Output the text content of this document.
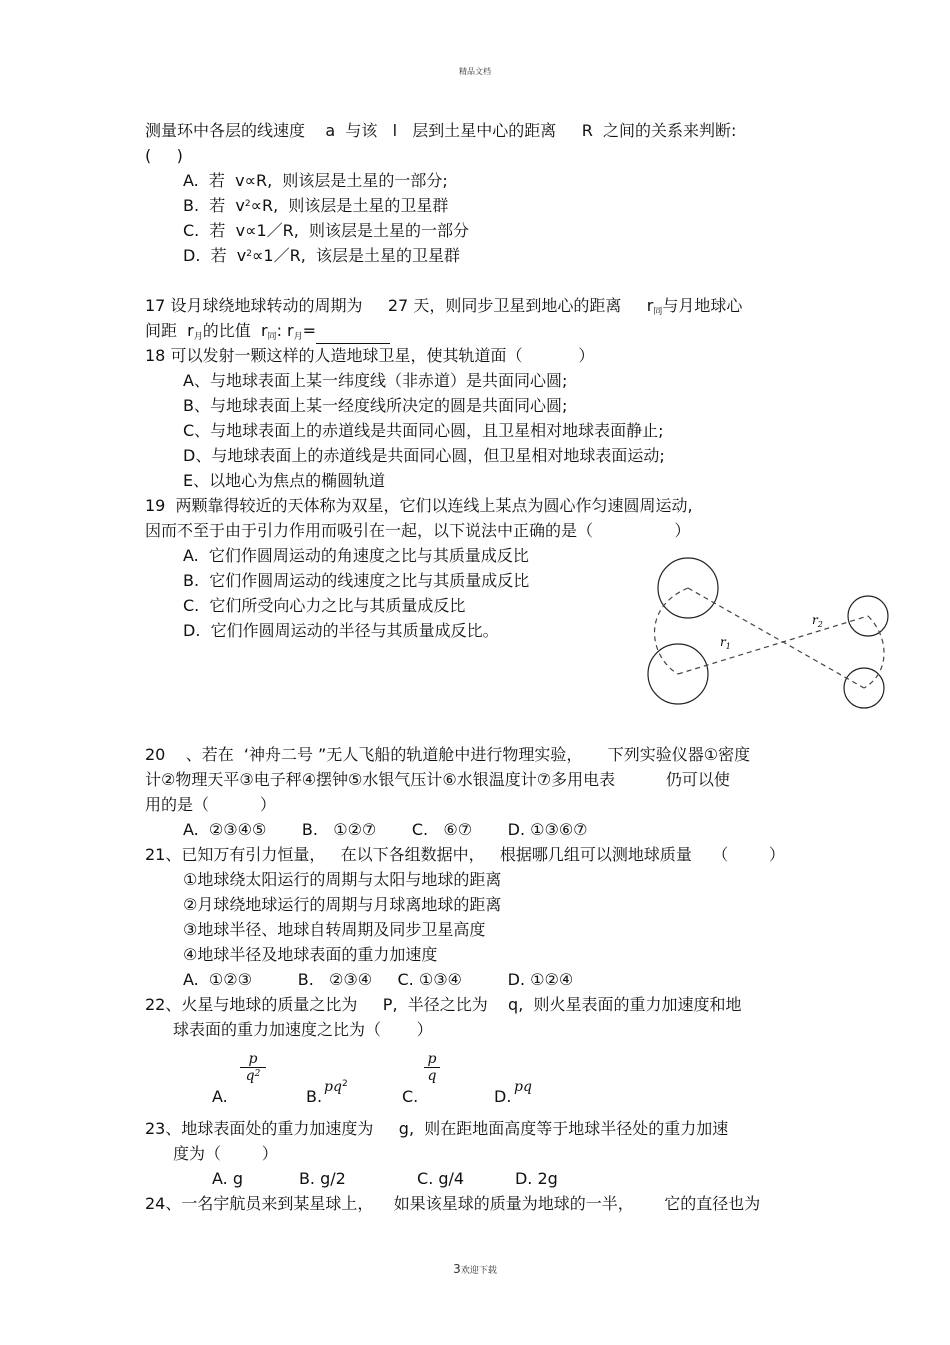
精品文档
测量环中各层的线速度    a  与该   l   层到土星中心的距离     R  之间的关系来判断:
(     )
A.  若  v∝R,  则该层是土星的一部分;
B.  若  $v^2\propto R$,  则该层是土星的卫星群
C.  若  v∝1／R,  则该层是土星的一部分
D.  若  $v^2\propto 1/R$,  该层是土星的卫星群
17 设月球绕地球转动的周期为     27 天，则同步卫星到地心的距离     r同与月地球心
间距  r月的比值  r同: r月=
18 可以发射一颗这样的人造地球卫星，使其轨道面（           ）
A、与地球表面上某一纬度线（非赤道）是共面同心圆;
B、与地球表面上某一经度线所决定的圆是共面同心圆;
C、与地球表面上的赤道线是共面同心圆，且卫星相对地球表面静止;
D、与地球表面上的赤道线是共面同心圆，但卫星相对地球表面运动;
E、以地心为焦点的椭圆轨道
19  两颗靠得较近的天体称为双星，它们以连线上某点为圆心作匀速圆周运动,
因而不至于由于引力作用而吸引在一起，以下说法中正确的是（                ）
A.  它们作圆周运动的角速度之比与其质量成反比
B.  它们作圆周运动的线速度之比与其质量成反比
C.  它们所受向心力之比与其质量成反比
D.  它们作圆周运动的半径与其质量成反比。
$r_1$
$r_2$
20    、若在  ‘神舟二号 ”无人飞船的轨道舱中进行物理实验，     下列实验仪器①密度
计②物理天平③电子秤④摆钟⑤水银气压计⑥水银温度计⑦多用电表          仍可以使
用的是（          ）
A.  ②③④⑤       B.   ①②⑦       C.   ⑥⑦       D. ①③⑥⑦
21、已知万有引力恒量，   在以下各组数据中，   根据哪几组可以测地球质量    （        ）
①地球绕太阳运行的周期与太阳与地球的距离
②月球绕地球运行的周期与月球离地球的距离
③地球半径、地球自转周期及同步卫星高度
④地球半径及地球表面的重力加速度
A.  ①②③         B.   ②③④     C. ①③④         D. ①②④
22、火星与地球的质量之比为     P,  半径之比为    q,  则火星表面的重力加速度和地
球表面的重力加速度之比为（       ）
A.
p
$q^2$
B. $pq^2$
C.
p
q
D. pq
23、地球表面处的重力加速度为     g,  则在距地面高度等于地球半径处的重力加速
度为（        ）
A. g           B. g/2              C. g/4          D. 2g
24、一名宇航员来到某星球上，    如果该星球的质量为地球的一半，      它的直径也为
3欢迎下载
